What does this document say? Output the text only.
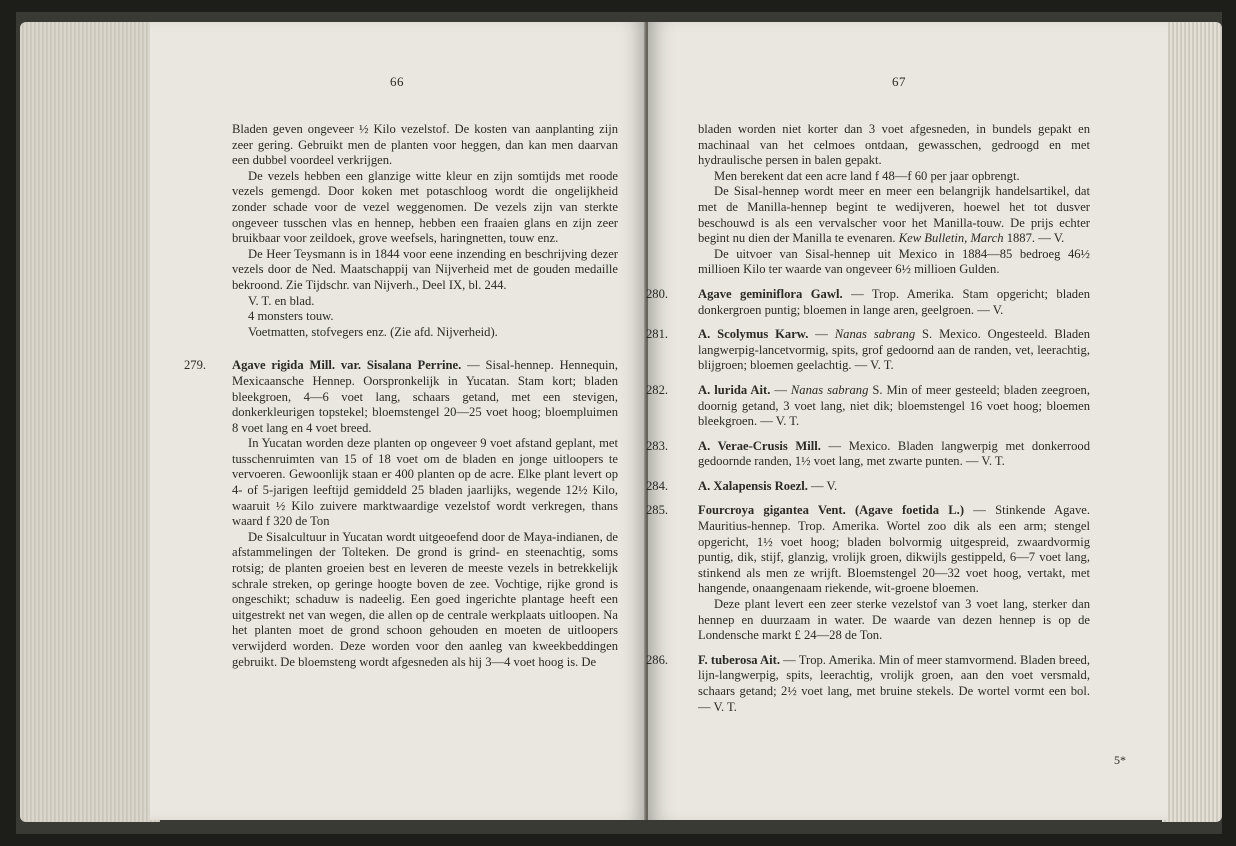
66

Bladen geven ongeveer ½ Kilo vezelstof. De kosten van aanplanting zijn zeer gering. Gebruikt men de planten voor heggen, dan kan men daarvan een dubbel voordeel verkrijgen.

De vezels hebben een glanzige witte kleur en zijn somtijds met roode vezels gemengd. Door koken met potaschloog wordt die ongelijkheid zonder schade voor de vezel weggenomen. De vezels zijn van sterkte ongeveer tusschen vlas en hennep, hebben een fraaien glans en zijn zeer bruikbaar voor zeildoek, grove weefsels, haringnetten, touw enz.

De Heer Teysmann is in 1844 voor eene inzending en beschrijving dezer vezels door de Ned. Maatschappij van Nijverheid met de gouden medaille bekroond. Zie Tijdschr. van Nijverh., Deel IX, bl. 244.

V. T. en blad.

4 monsters touw.

Voetmatten, stofvegers enz. (Zie afd. Nijverheid).

279.	Agave rigida Mill. var. Sisalana Perrine. — Sisal-hennep. Hennequin, Mexicaansche Hennep. Oorspronkelijk in Yucatan. Stam kort; bladen bleekgroen, 4—6 voet lang, schaars getand, met een stevigen, donkerkleurigen topstekel; bloemstengel 20—25 voet hoog; bloempluimen 8 voet lang en 4 voet breed.

In Yucatan worden deze planten op ongeveer 9 voet afstand geplant, met tusschenruimten van 15 of 18 voet om de bladen en jonge uitloopers te vervoeren. Gewoonlijk staan er 400 planten op de acre. Elke plant levert op 4- of 5-jarigen leeftijd gemiddeld 25 bladen jaarlijks, wegende 12½ Kilo, waaruit ½ Kilo zuivere marktwaardige vezelstof wordt verkregen, thans waard f 320 de Ton

De Sisalcultuur in Yucatan wordt uitgeoefend door de Maya-indianen, de afstammelingen der Tolteken. De grond is grind- en steenachtig, soms rotsig; de planten groeien best en leveren de meeste vezels in betrekkelijk schrale streken, op geringe hoogte boven de zee. Vochtige, rijke grond is ongeschikt; schaduw is nadeelig. Een goed ingerichte plantage heeft een uitgestrekt net van wegen, die allen op de centrale werkplaats uitloopen. Na het planten moet de grond schoon gehouden en moeten de uitloopers verwijderd worden. Deze worden voor den aanleg van kweekbeddingen gebruikt. De bloemsteng wordt afgesneden als hij 3—4 voet hoog is. De

67

bladen worden niet korter dan 3 voet afgesneden, in bundels gepakt en machinaal van het celmoes ontdaan, gewasschen, gedroogd en met hydraulische persen in balen gepakt.

Men berekent dat een acre land f 48—f 60 per jaar opbrengt.

De Sisal-hennep wordt meer en meer een belangrijk handelsartikel, dat met de Manilla-hennep begint te wedijveren, hoewel het tot dusver beschouwd is als een vervalscher voor het Manilla-touw. De prijs echter begint nu dien der Manilla te evenaren. Kew Bulletin, March 1887. — V.

De uitvoer van Sisal-hennep uit Mexico in 1884—85 bedroeg 46½ millioen Kilo ter waarde van ongeveer 6½ millioen Gulden.

280.	Agave geminiflora Gawl. — Trop. Amerika. Stam opgericht; bladen donkergroen puntig; bloemen in lange aren, geelgroen. — V.

281.	A. Scolymus Karw. — Nanas sabrang S. Mexico. Ongesteeld. Bladen langwerpig-lancetvormig, spits, grof gedoornd aan de randen, vet, leerachtig, blijgroen; bloemen geelachtig. — V. T.

282.	A. lurida Ait. — Nanas sabrang S. Min of meer gesteeld; bladen zeegroen, doornig getand, 3 voet lang, niet dik; bloemstengel 16 voet hoog; bloemen bleekgroen. — V. T.

283.	A. Verae-Crusis Mill. — Mexico. Bladen langwerpig met donkerrood gedoornde randen, 1½ voet lang, met zwarte punten. — V. T.

284.	A. Xalapensis Roezl. — V.

285.	Fourcroya gigantea Vent. (Agave foetida L.) — Stinkende Agave. Mauritius-hennep. Trop. Amerika. Wortel zoo dik als een arm; stengel opgericht, 1½ voet hoog; bladen bolvormig uitgespreid, zwaardvormig puntig, dik, stijf, glanzig, vrolijk groen, dikwijls gestippeld, 6—7 voet lang, stinkend als men ze wrijft. Bloemstengel 20—32 voet hoog, vertakt, met hangende, onaangenaam riekende, wit-groene bloemen.

Deze plant levert een zeer sterke vezelstof van 3 voet lang, sterker dan hennep en duurzaam in water. De waarde van dezen hennep is op de Londensche markt £ 24—28 de Ton.

286.	F. tuberosa Ait. — Trop. Amerika. Min of meer stamvormend. Bladen breed, lijn-langwerpig, spits, leerachtig, vrolijk groen, aan den voet versmald, schaars getand; 2½ voet lang, met bruine stekels. De wortel vormt een bol. — V. T.

5*
